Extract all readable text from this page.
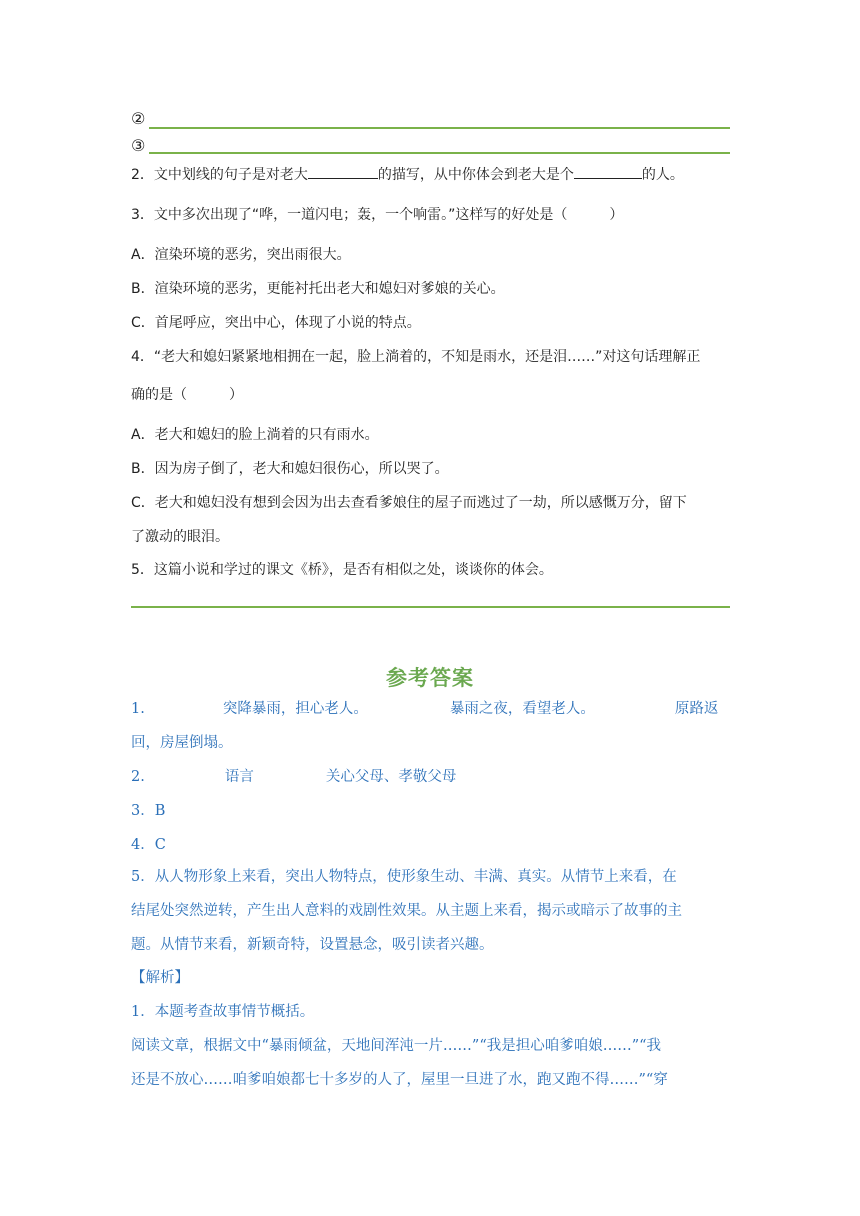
②
③
2．文中划线的句子是对老大	的描写，从中你体会到老大是个	的人。
3．文中多次出现了“哗，一道闪电；轰，一个响雷。”这样写的好处是（　　　）
A．渲染环境的恶劣，突出雨很大。
B．渲染环境的恶劣，更能衬托出老大和媳妇对爹娘的关心。
C．首尾呼应，突出中心，体现了小说的特点。
4．“老大和媳妇紧紧地相拥在一起，脸上淌着的，不知是雨水，还是泪……”对这句话理解正
确的是（　　　）
A．老大和媳妇的脸上淌着的只有雨水。
B．因为房子倒了，老大和媳妇很伤心，所以哭了。
C．老大和媳妇没有想到会因为出去查看爹娘住的屋子而逃过了一劫，所以感慨万分，留下
了激动的眼泪。
5．这篇小说和学过的课文《桥》，是否有相似之处，谈谈你的体会。
参考答案
1.	突降暴雨，担心老人。	暴雨之夜，看望老人。	原路返
回，房屋倒塌。
2.	语言	关心父母、孝敬父母
3．B
4．C
5．从人物形象上来看，突出人物特点，使形象生动、丰满、真实。从情节上来看，在
结尾处突然逆转，产生出人意料的戏剧性效果。从主题上来看，揭示或暗示了故事的主
题。从情节来看，新颖奇特，设置悬念，吸引读者兴趣。
【解析】
1．本题考查故事情节概括。
阅读文章，根据文中“暴雨倾盆，天地间浑沌一片……”“我是担心咱爹咱娘……”“我
还是不放心……咱爹咱娘都七十多岁的人了，屋里一旦进了水，跑又跑不得……”“穿
